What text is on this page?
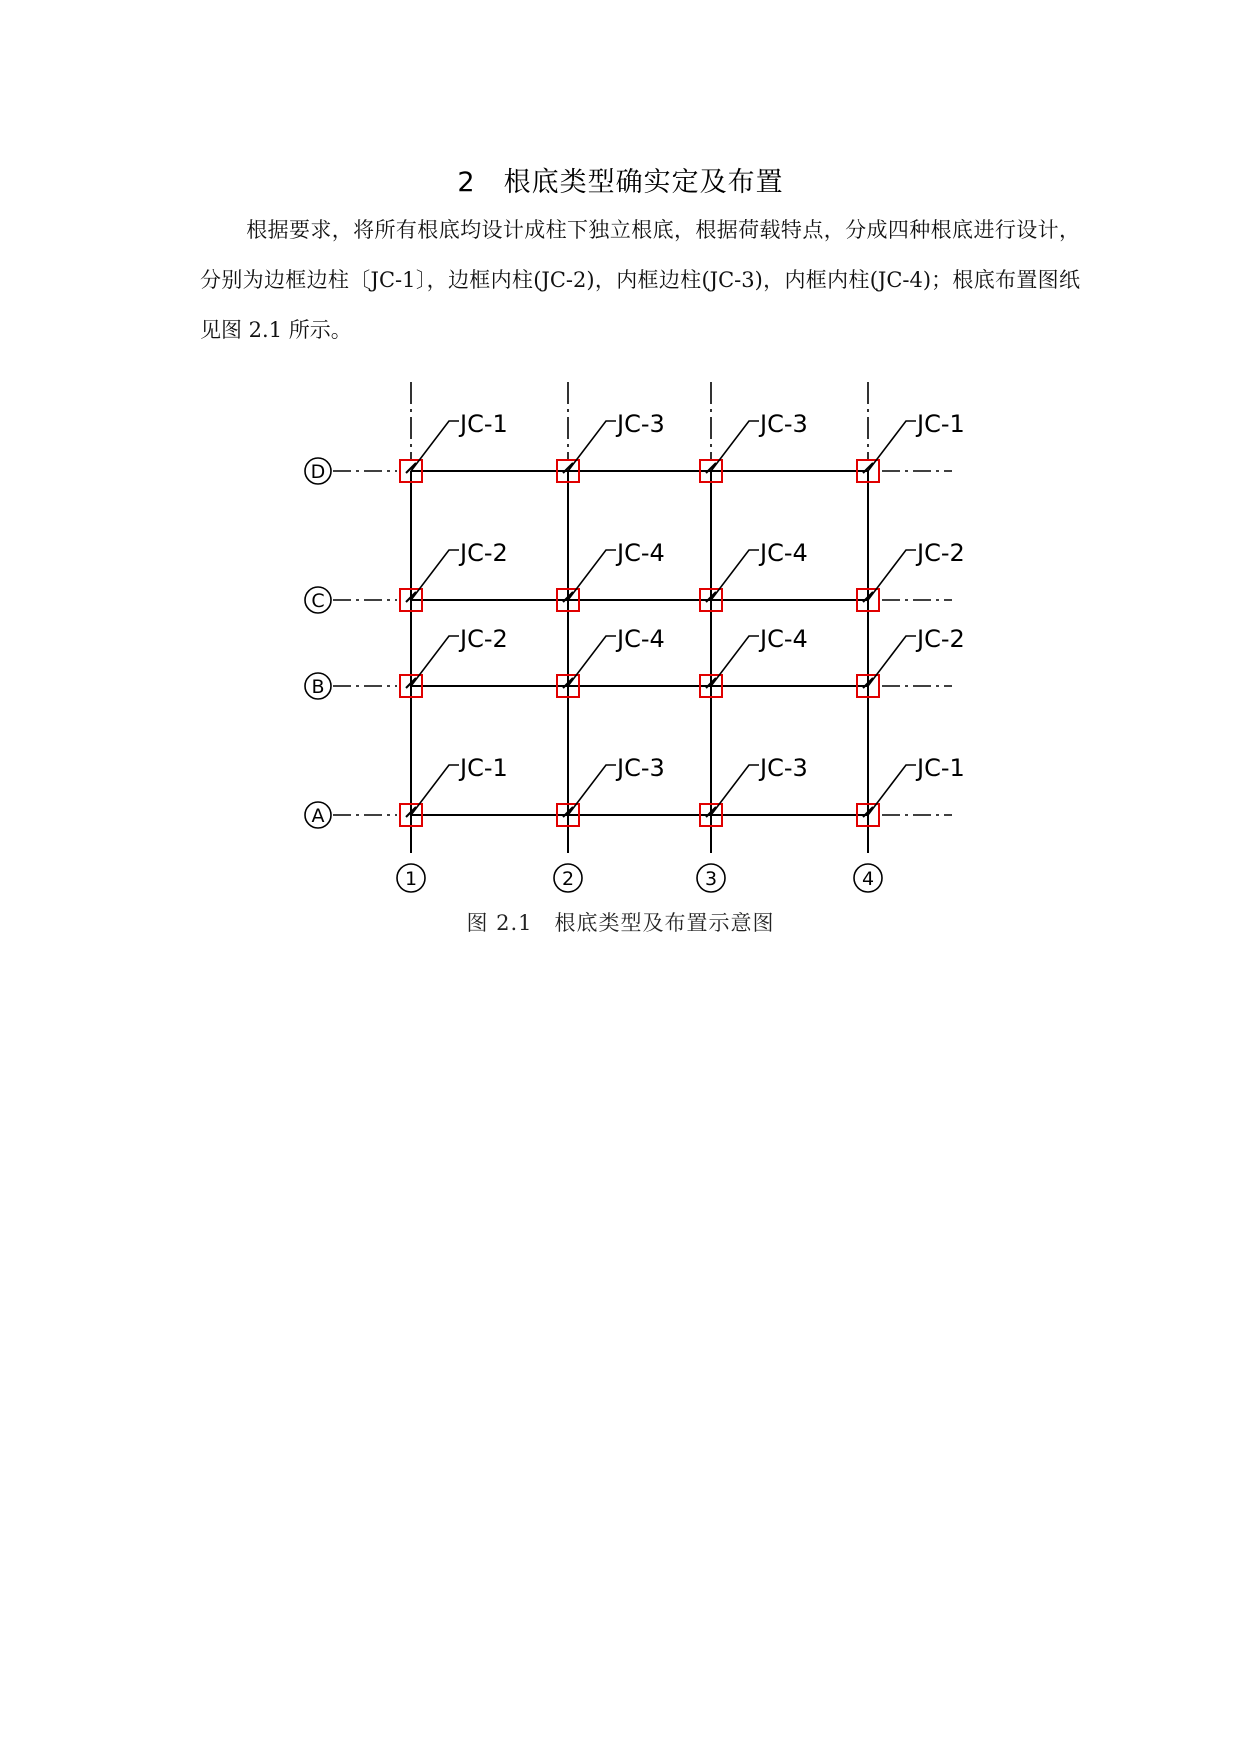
2　根底类型确实定及布置

根据要求，将所有根底均设计成柱下独立根底，根据荷载特点，分成四种根底进行设计，分别为边框边柱〔JC-1〕，边框内柱(JC-2)，内框边柱(JC-3)，内框内柱(JC-4)；根底布置图纸见图 2.1 所示。

D
C
B
A
1	2	3	4
JC-1	JC-3	JC-3	JC-1
JC-2	JC-4	JC-4	JC-2
JC-2	JC-4	JC-4	JC-2
JC-1	JC-3	JC-3	JC-1
图 2.1　根底类型及布置示意图
